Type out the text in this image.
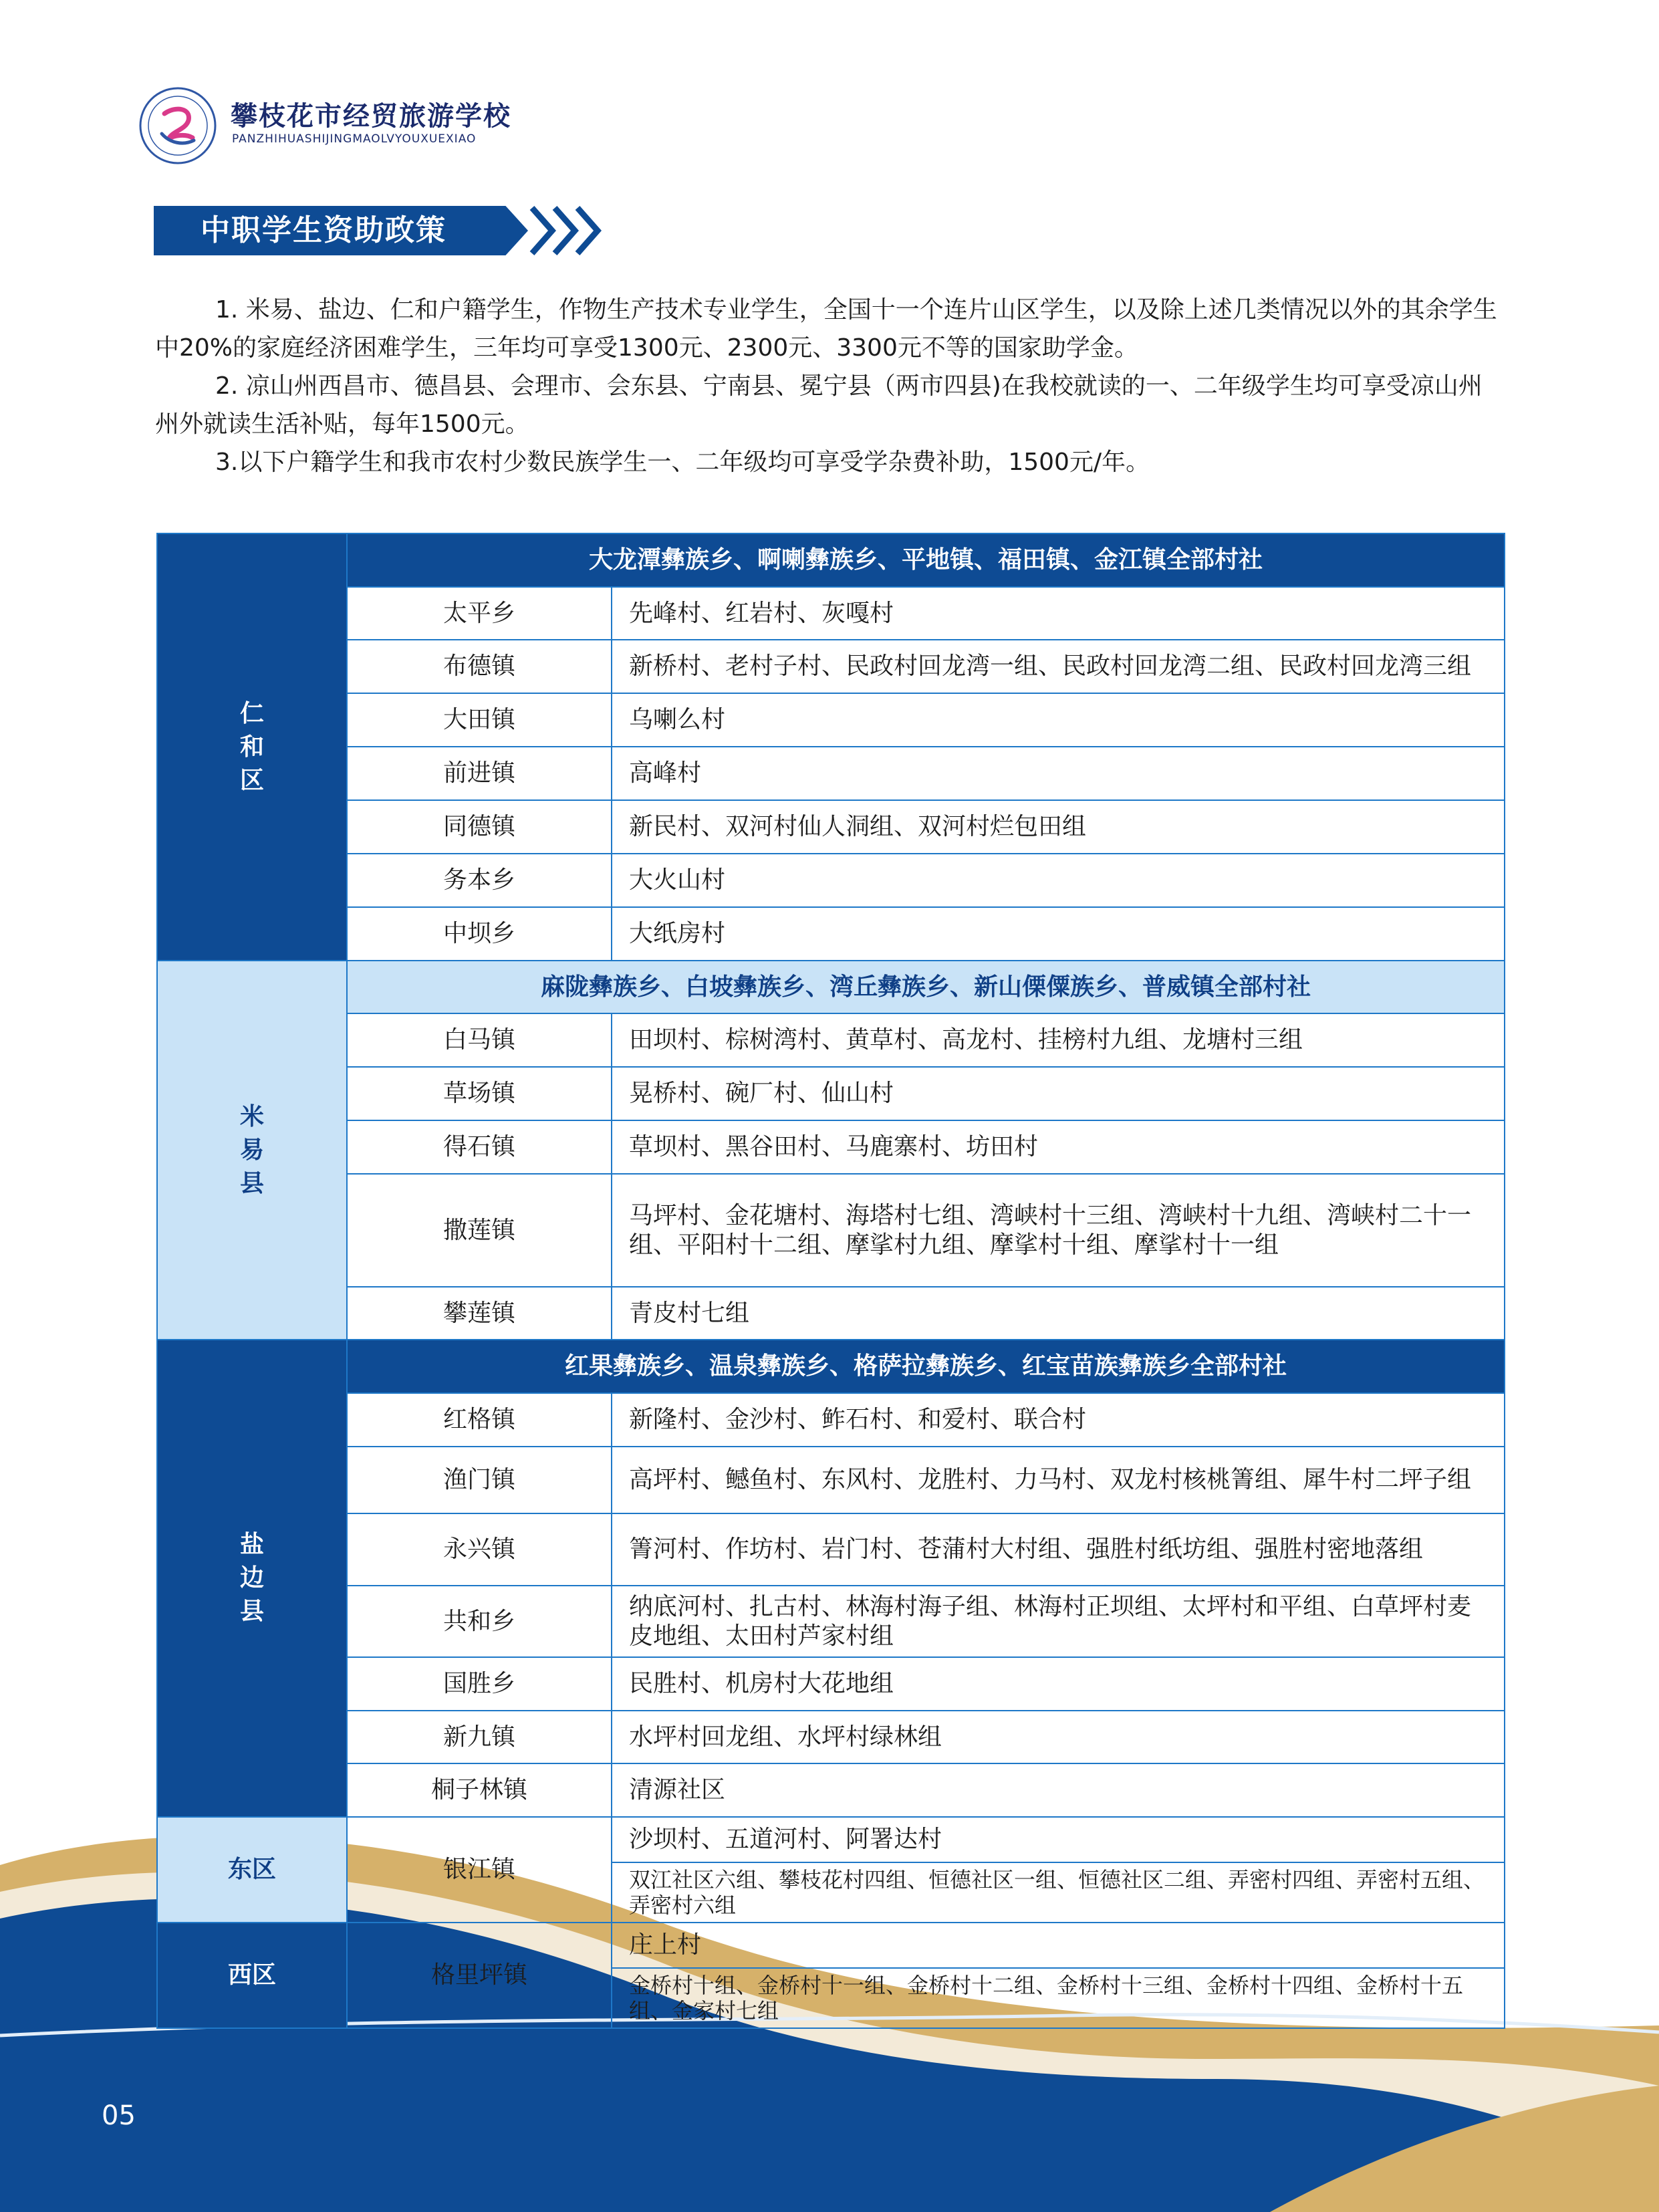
攀枝花市经贸旅游学校
PANZHIHUASHIJINGMAOLVYOUXUEXIAO
中职学生资助政策

1. 米易、盐边、仁和户籍学生，作物生产技术专业学生，全国十一个连片山区学生，以及除上述几类情况以外的其余学生中20%的家庭经济困难学生，三年均可享受1300元、2300元、3300元不等的国家助学金。

2. 凉山州西昌市、德昌县、会理市、会东县、宁南县、冕宁县（两市四县)在我校就读的一、二年级学生均可享受凉山州州外就读生活补贴，每年1500元。

3.以下户籍学生和我市农村少数民族学生一、二年级均可享受学杂费补助，1500元/年。

仁和区	大龙潭彝族乡、啊喇彝族乡、平地镇、福田镇、金江镇全部村社	
	太平乡	先峰村、红岩村、灰嘎村
	布德镇	新桥村、老村子村、民政村回龙湾一组、民政村回龙湾二组、民政村回龙湾三组
	大田镇	乌喇么村
	前进镇	高峰村
	同德镇	新民村、双河村仙人洞组、双河村烂包田组
	务本乡	大火山村
	中坝乡	大纸房村
米易县	麻陇彝族乡、白坡彝族乡、湾丘彝族乡、新山傈僳族乡、普威镇全部村社	
	白马镇	田坝村、棕树湾村、黄草村、高龙村、挂榜村九组、龙塘村三组
	草场镇	晃桥村、碗厂村、仙山村
	得石镇	草坝村、黑谷田村、马鹿寨村、坊田村
	撒莲镇	马坪村、金花塘村、海塔村七组、湾峡村十三组、湾峡村十九组、湾峡村二十一组、平阳村十二组、摩挲村九组、摩挲村十组、摩挲村十一组
	攀莲镇	青皮村七组
盐边县	红果彝族乡、温泉彝族乡、格萨拉彝族乡、红宝苗族彝族乡全部村社	
	红格镇	新隆村、金沙村、鲊石村、和爱村、联合村
	渔门镇	高坪村、鳡鱼村、东风村、龙胜村、力马村、双龙村核桃箐组、犀牛村二坪子组
	永兴镇	箐河村、作坊村、岩门村、苍蒲村大村组、强胜村纸坊组、强胜村密地落组
	共和乡	纳底河村、扎古村、林海村海子组、林海村正坝组、太坪村和平组、白草坪村麦皮地组、太田村芦家村组
	国胜乡	民胜村、机房村大花地组
	新九镇	水坪村回龙组、水坪村绿林组
	桐子林镇	清源社区
东区	银江镇	沙坝村、五道河村、阿署达村
		双江社区六组、攀枝花村四组、恒德社区一组、恒德社区二组、弄密村四组、弄密村五组、弄密村六组
西区	格里坪镇	庄上村
		金桥村十组、金桥村十一组、金桥村十二组、金桥村十三组、金桥村十四组、金桥村十五组、金家村七组
05
